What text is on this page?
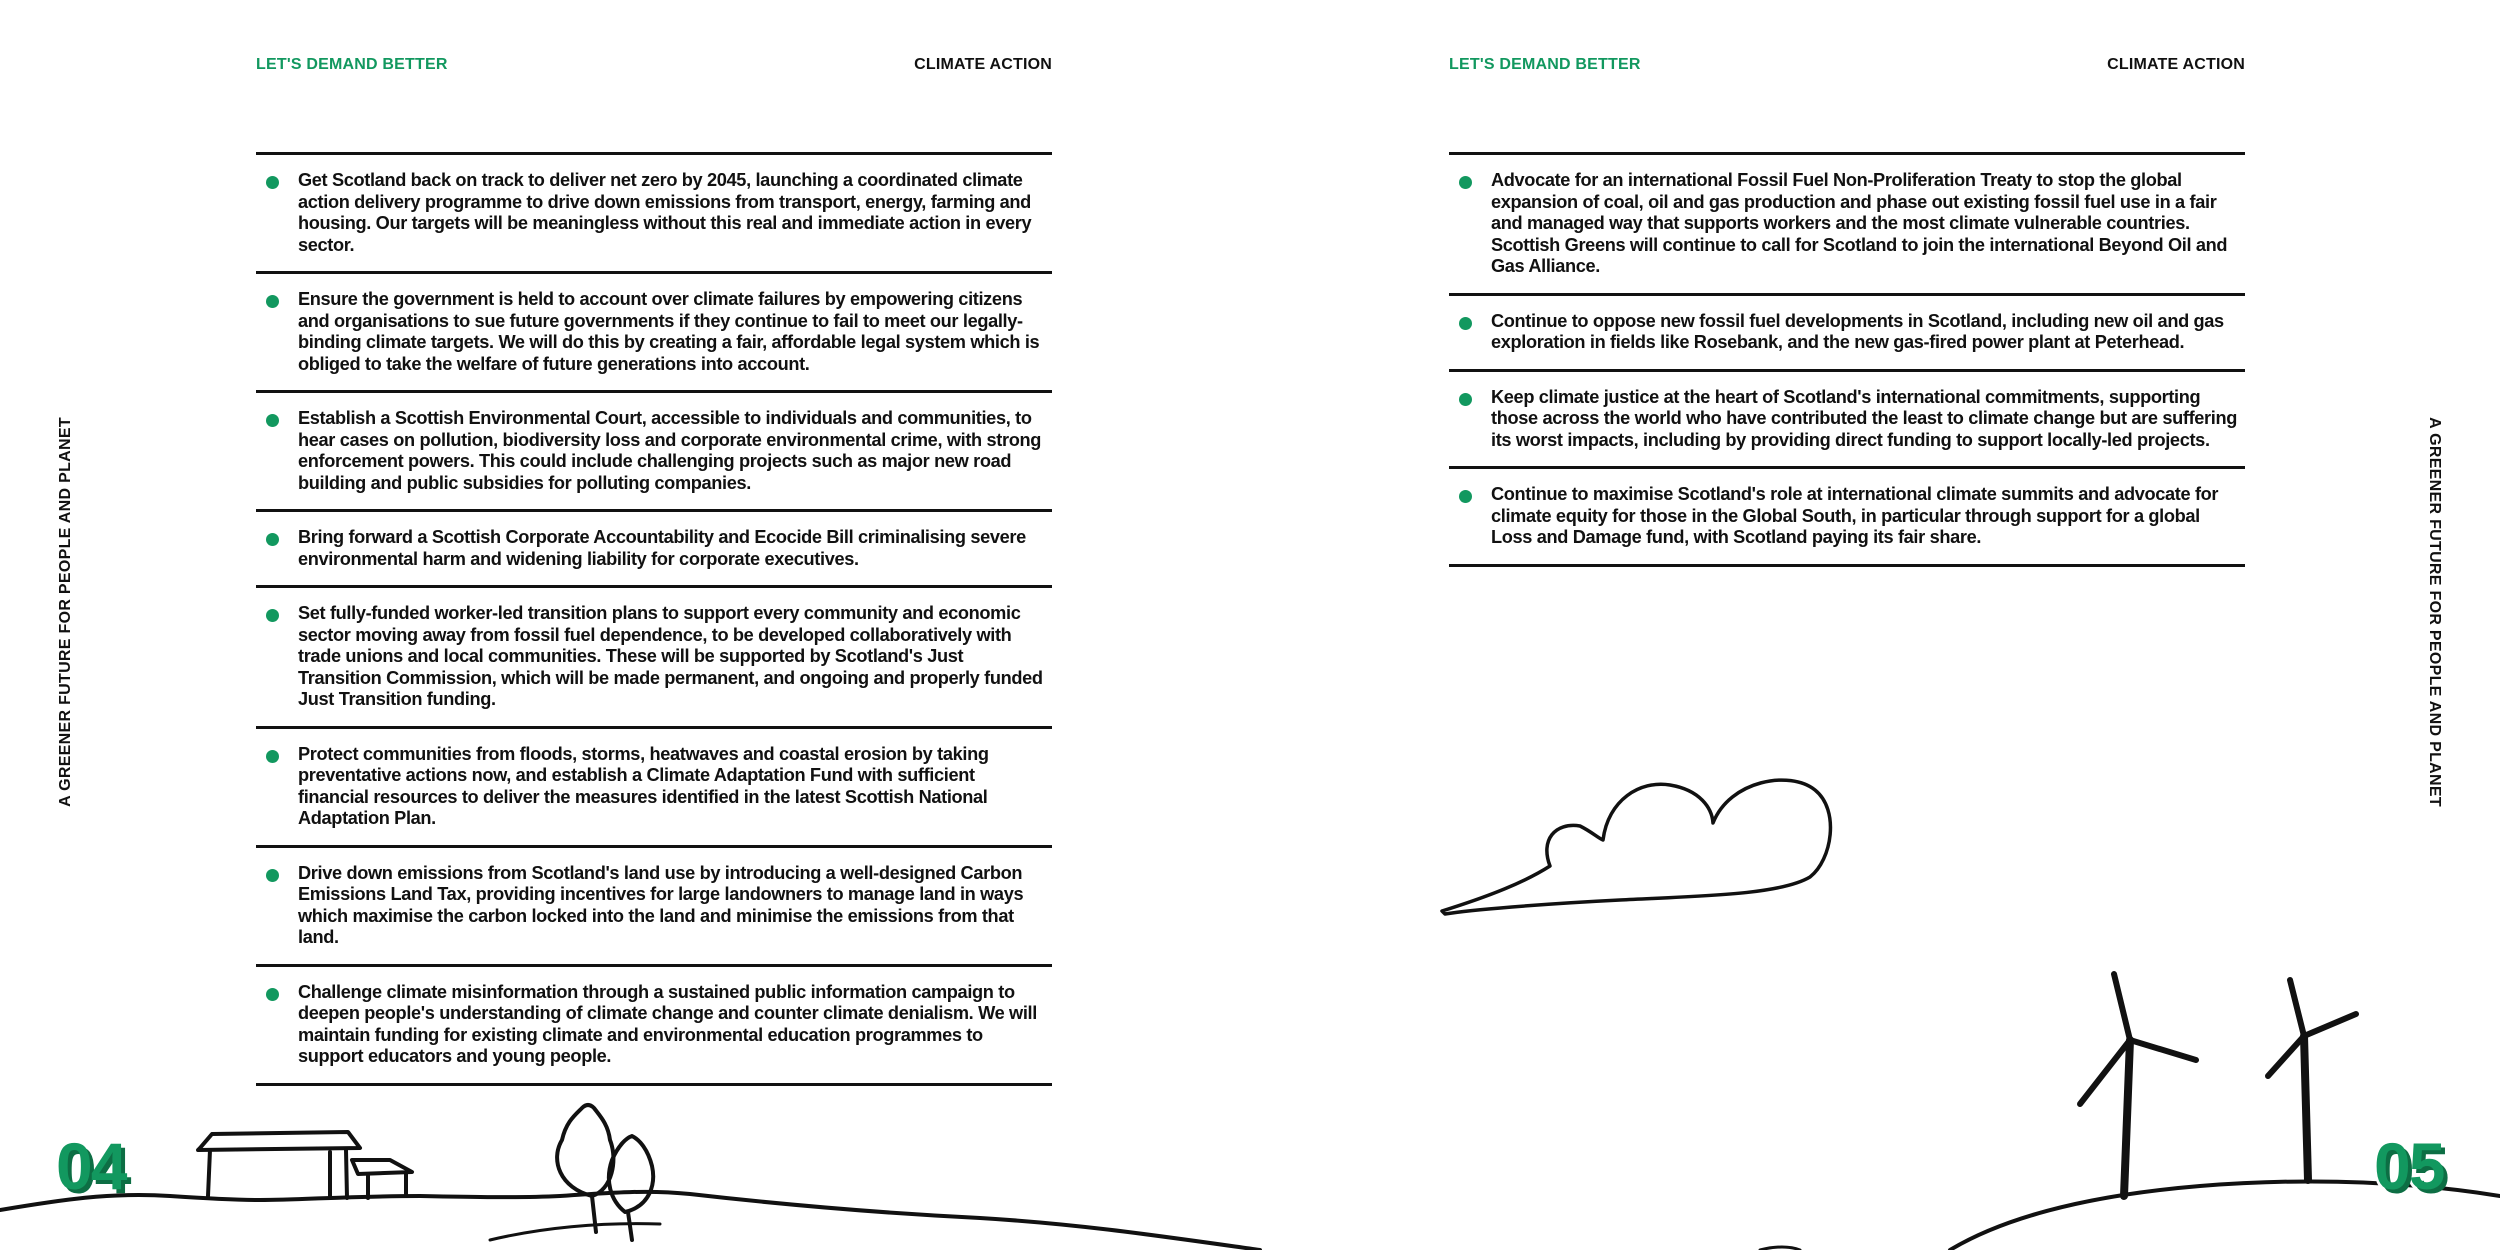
LET'S DEMAND BETTER	CLIMATE ACTION	LET'S DEMAND BETTER	CLIMATE ACTION
A GREENER FUTURE FOR PEOPLE AND PLANET	A GREENER FUTURE FOR PEOPLE AND PLANET
Get Scotland back on track to deliver net zero by 2045, launching a coordinated climate action delivery programme to drive down emissions from transport, energy, farming and housing. Our targets will be meaningless without this real and immediate action in every sector.
Ensure the government is held to account over climate failures by empowering citizens and organisations to sue future governments if they continue to fail to meet our legally-binding climate targets. We will do this by creating a fair, affordable legal system which is obliged to take the welfare of future generations into account.
Establish a Scottish Environmental Court, accessible to individuals and communities, to hear cases on pollution, biodiversity loss and corporate environmental crime, with strong enforcement powers. This could include challenging projects such as major new road building and public subsidies for polluting companies.
Bring forward a Scottish Corporate Accountability and Ecocide Bill criminalising severe environmental harm and widening liability for corporate executives.
Set fully-funded worker-led transition plans to support every community and economic sector moving away from fossil fuel dependence, to be developed collaboratively with trade unions and local communities. These will be supported by Scotland's Just Transition Commission, which will be made permanent, and ongoing and properly funded Just Transition funding.
Protect communities from floods, storms, heatwaves and coastal erosion by taking preventative actions now, and establish a Climate Adaptation Fund with sufficient financial resources to deliver the measures identified in the latest Scottish National Adaptation Plan.
Drive down emissions from Scotland's land use by introducing a well-designed Carbon Emissions Land Tax, providing incentives for large landowners to manage land in ways which maximise the carbon locked into the land and minimise the emissions from that land.
Challenge climate misinformation through a sustained public information campaign to deepen people's understanding of climate change and counter climate denialism. We will maintain funding for existing climate and environmental education programmes to support educators and young people.
Advocate for an international Fossil Fuel Non-Proliferation Treaty to stop the global expansion of coal, oil and gas production and phase out existing fossil fuel use in a fair and managed way that supports workers and the most climate vulnerable countries. Scottish Greens will continue to call for Scotland to join the international Beyond Oil and Gas Alliance.
Continue to oppose new fossil fuel developments in Scotland, including new oil and gas exploration in fields like Rosebank, and the new gas-fired power plant at Peterhead.
Keep climate justice at the heart of Scotland's international commitments, supporting those across the world who have contributed the least to climate change but are suffering its worst impacts, including by providing direct funding to support locally-led projects.
Continue to maximise Scotland's role at international climate summits and advocate for climate equity for those in the Global South, in particular through support for a global Loss and Damage fund, with Scotland paying its fair share.
04	05
